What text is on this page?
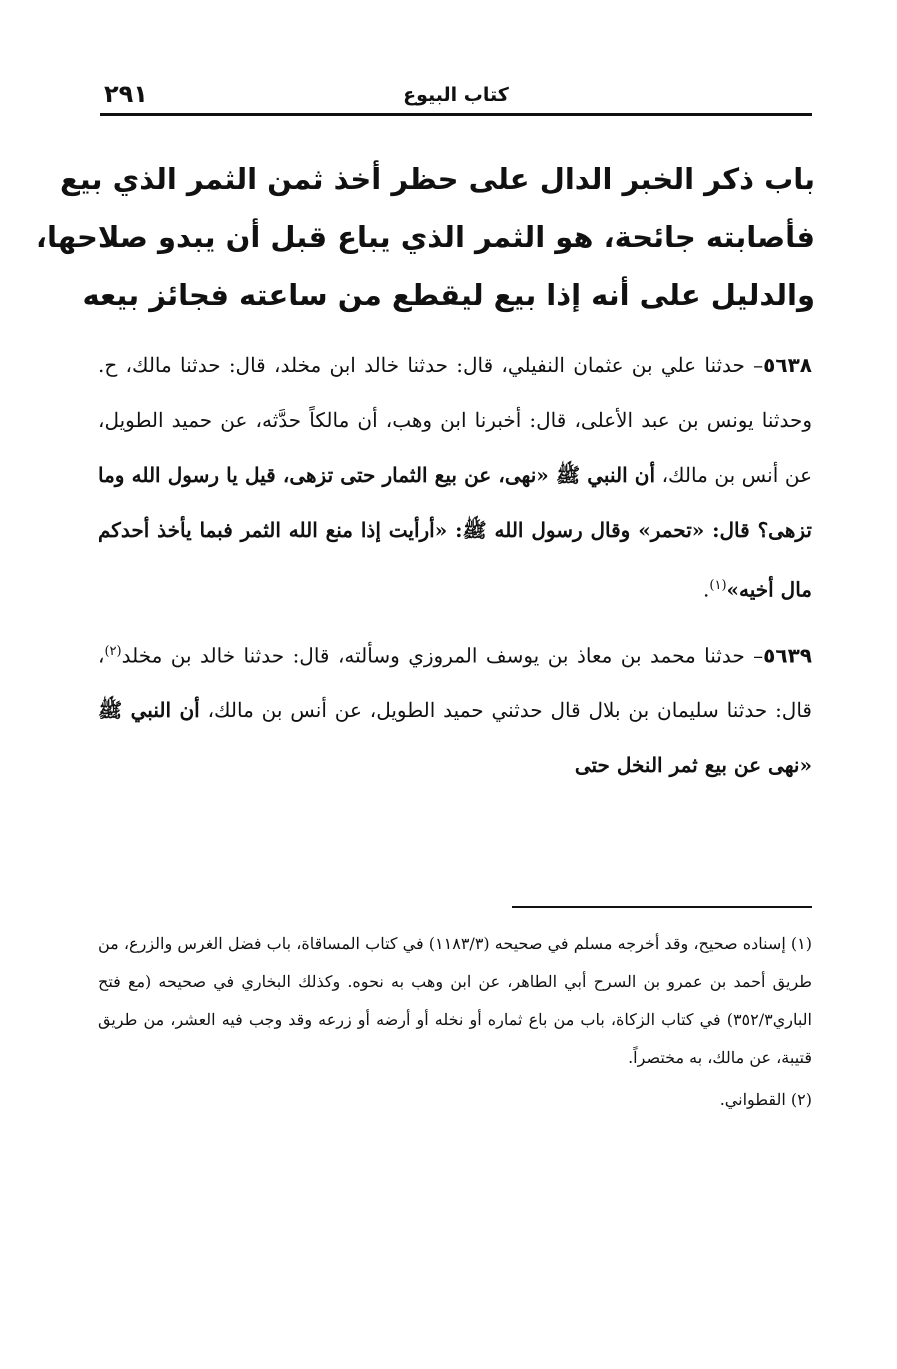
٢٩١	كتاب البيوع
باب ذكر الخبر الدال على حظر أخذ ثمن الثمر الذي بيع
فأصابته جائحة، هو الثمر الذي يباع قبل أن يبدو صلاحها،
والدليل على أنه إذا بيع ليقطع من ساعته فجائز بيعه

٥٦٣٨– حدثنا علي بن عثمان النفيلي، قال: حدثنا خالد ابن مخلد، قال: حدثنا مالك، ح. وحدثنا يونس بن عبد الأعلى، قال: أخبرنا ابن وهب، أن مالكاً حدَّثه، عن حميد الطويل، عن أنس بن مالك، أن النبي ﷺ «نهى، عن بيع الثمار حتى تزهى، قيل يا رسول الله وما تزهى؟ قال: «تحمر» وقال رسول الله ﷺ: «أرأيت إذا منع الله الثمر فبما يأخذ أحدكم مال أخيه»$^{(١)}$.

٥٦٣٩– حدثنا محمد بن معاذ بن يوسف المروزي وسألته، قال: حدثنا خالد بن مخلد$^{(٢)}$، قال: حدثنا سليمان بن بلال قال حدثني حميد الطويل، عن أنس بن مالك، أن النبي ﷺ «نهى عن بيع ثمر النخل حتى

(١) إسناده صحيح، وقد أخرجه مسلم في صحيحه (١١٨٣/٣) في كتاب المساقاة، باب فضل الغرس والزرع، من طريق أحمد بن عمرو بن السرح أبي الطاهر، عن ابن وهب به نحوه. وكذلك البخاري في صحيحه (مع فتح الباري٣٥٢/٣) في كتاب الزكاة، باب من باع ثماره أو نخله أو أرضه أو زرعه وقد وجب فيه العشر، من طريق قتيبة، عن مالك، به مختصراً.

(٢) القطواني.
